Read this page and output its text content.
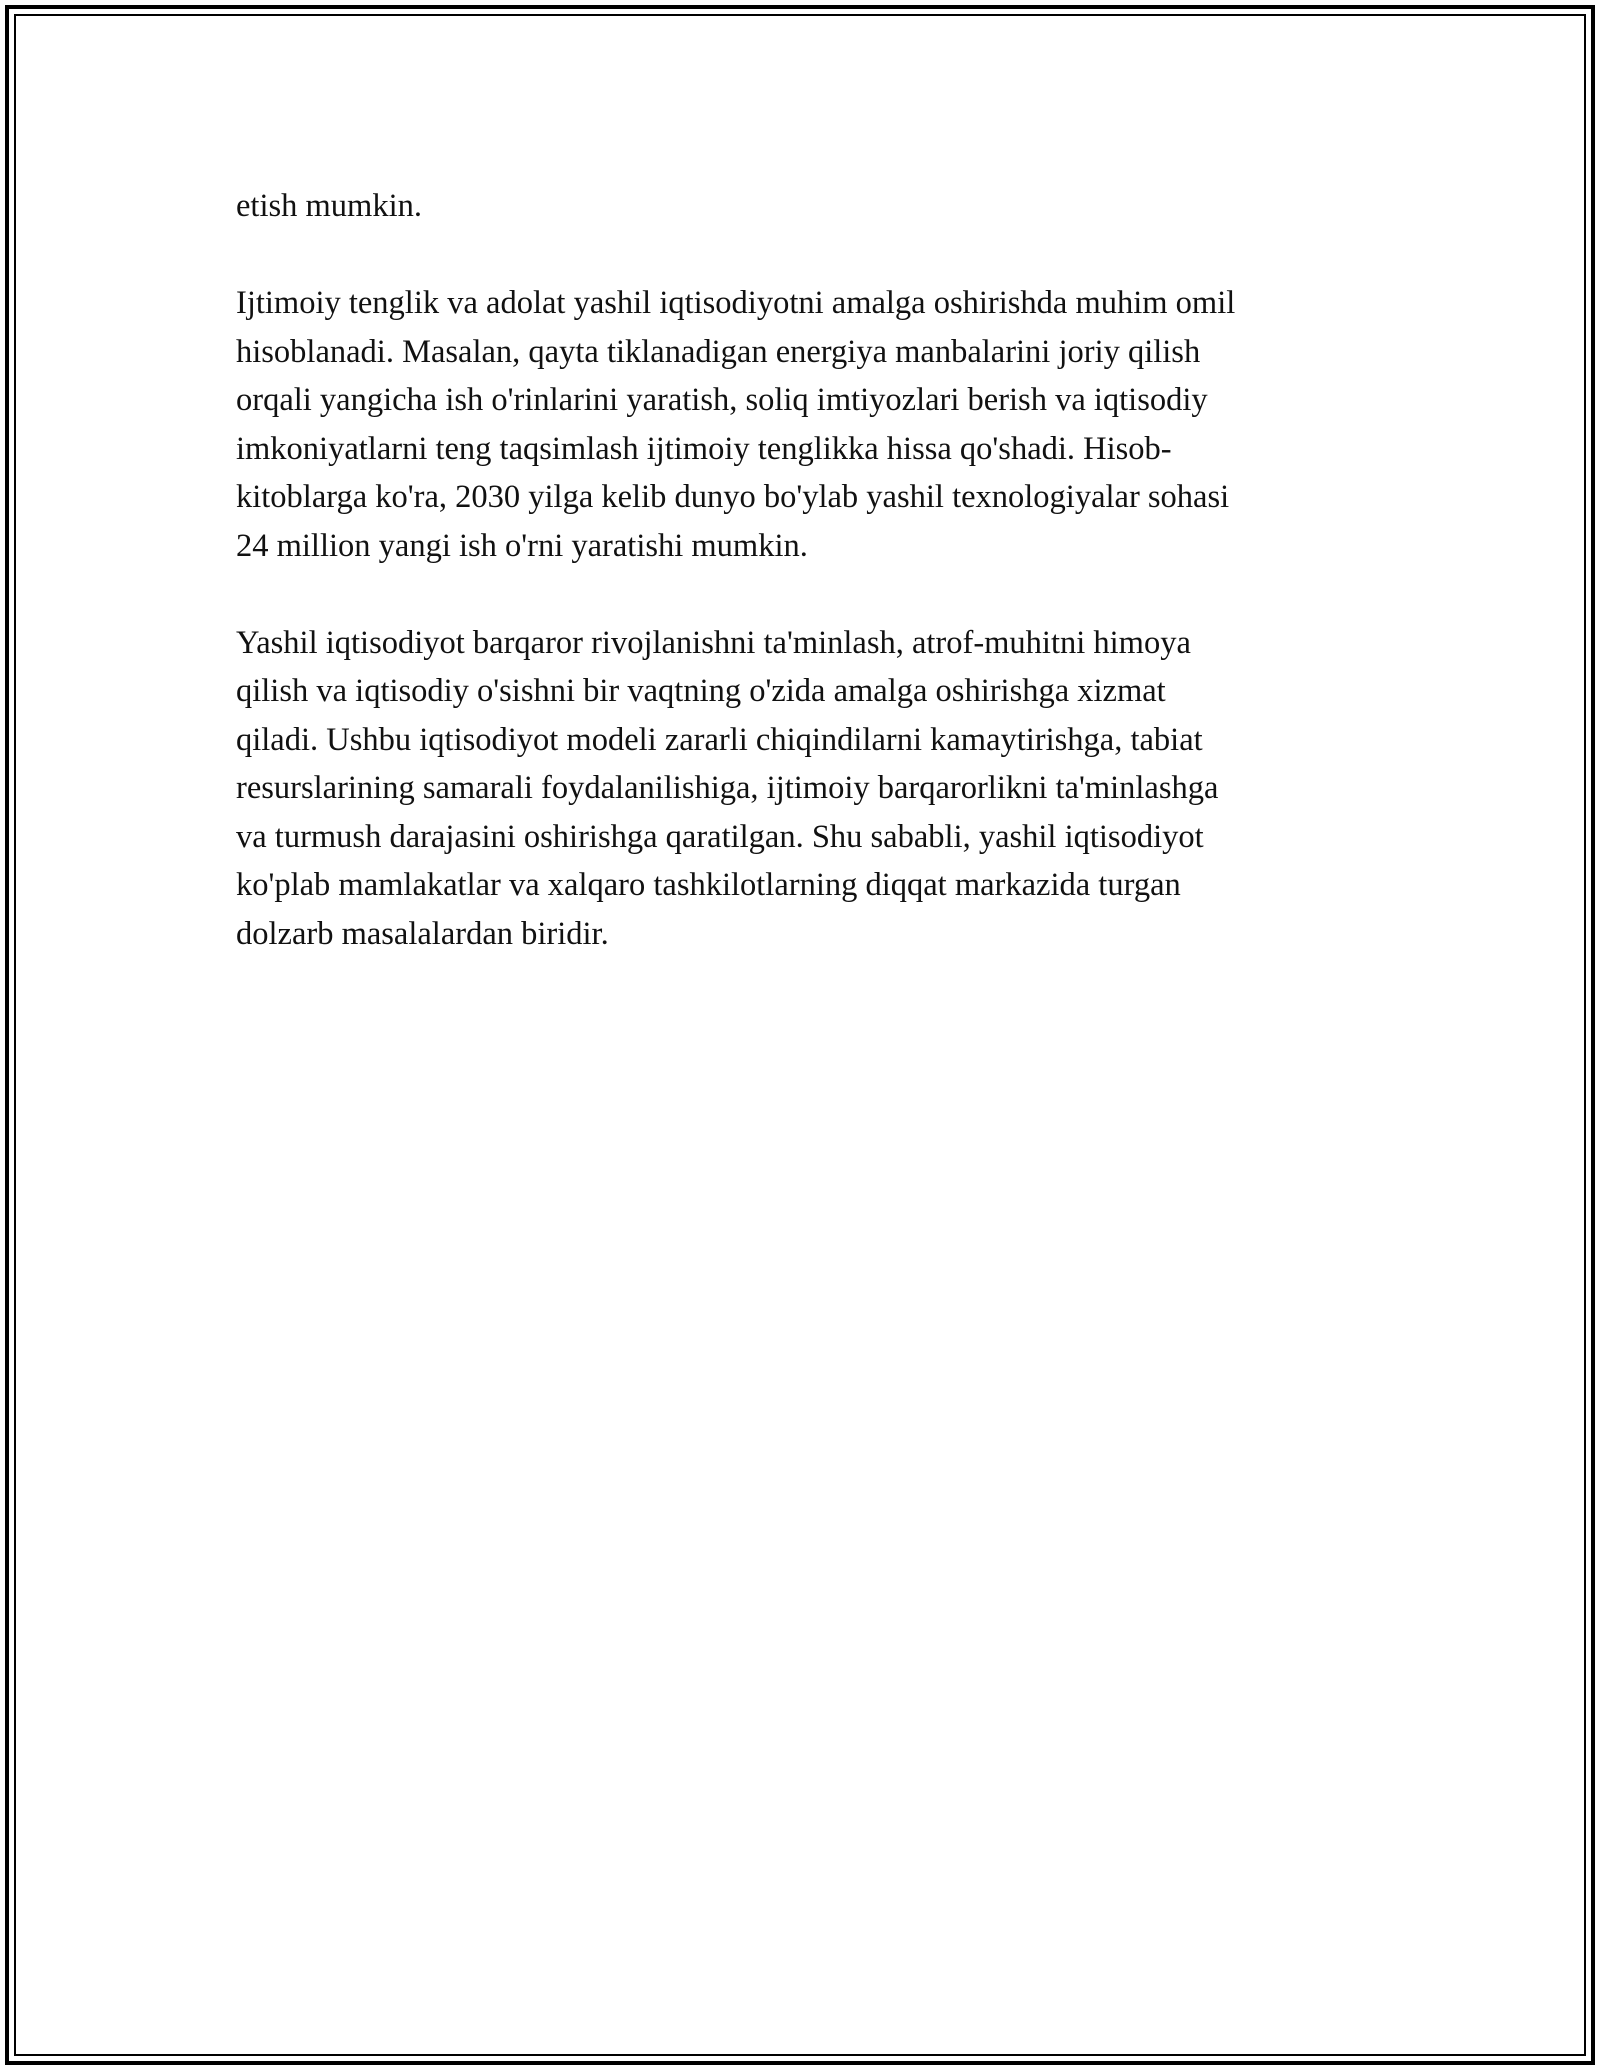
etish mumkin.
Ijtimoiy tenglik va adolat yashil iqtisodiyotni amalga oshirishda muhim omil
hisoblanadi. Masalan, qayta tiklanadigan energiya manbalarini joriy qilish
orqali yangicha ish o'rinlarini yaratish, soliq imtiyozlari berish va iqtisodiy
imkoniyatlarni teng taqsimlash ijtimoiy tenglikka hissa qo'shadi. Hisob-
kitoblarga ko'ra, 2030 yilga kelib dunyo bo'ylab yashil texnologiyalar sohasi
24 million yangi ish o'rni yaratishi mumkin.
Yashil iqtisodiyot barqaror rivojlanishni ta'minlash, atrof-muhitni himoya
qilish va iqtisodiy o'sishni bir vaqtning o'zida amalga oshirishga xizmat
qiladi. Ushbu iqtisodiyot modeli zararli chiqindilarni kamaytirishga, tabiat
resurslarining samarali foydalanilishiga, ijtimoiy barqarorlikni ta'minlashga
va turmush darajasini oshirishga qaratilgan. Shu sababli, yashil iqtisodiyot
ko'plab mamlakatlar va xalqaro tashkilotlarning diqqat markazida turgan
dolzarb masalalardan biridir.
